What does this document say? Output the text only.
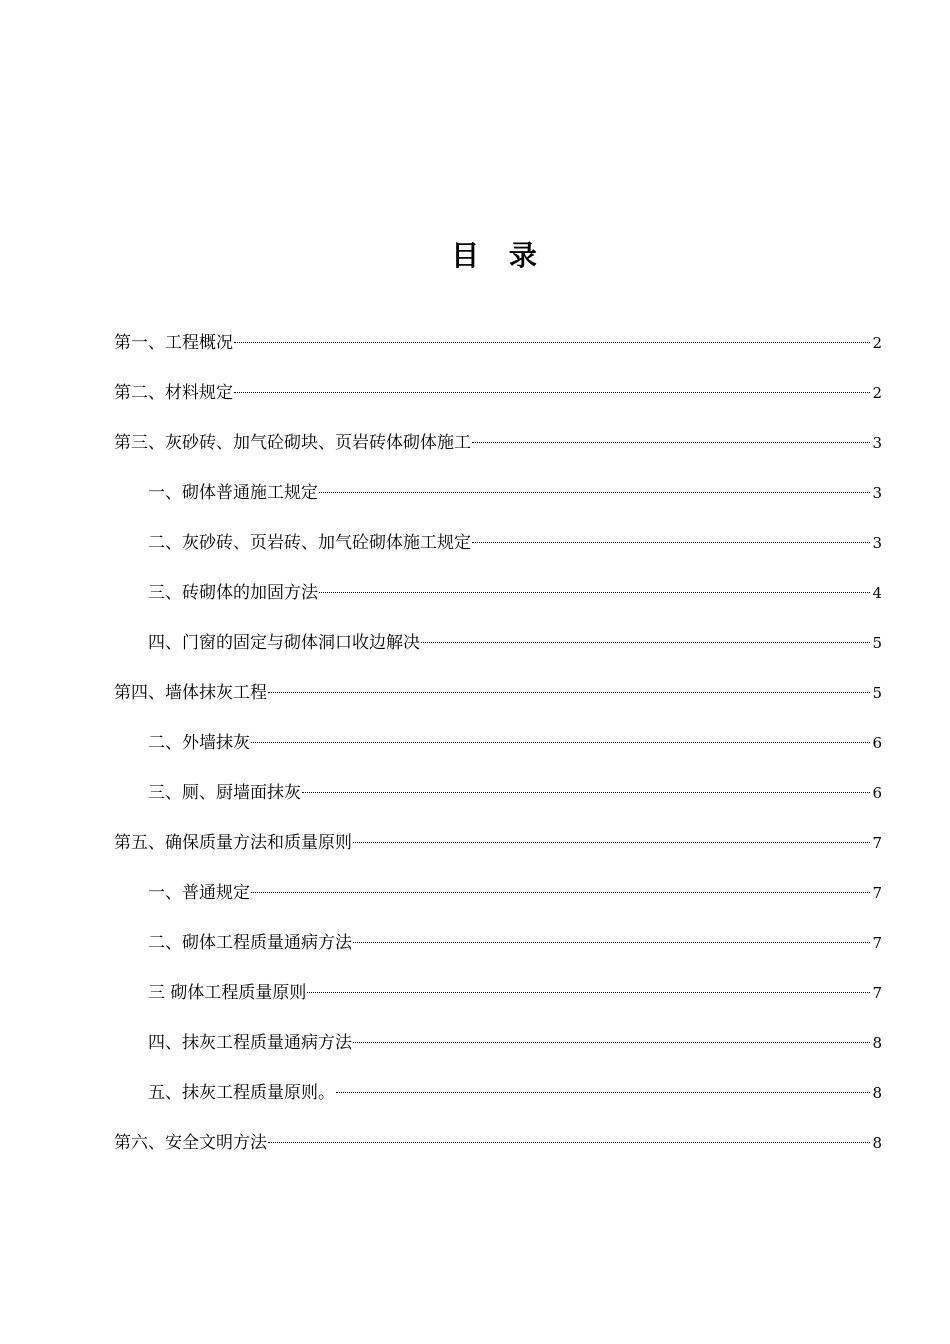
目 录
第一、工程概况	2
第二、材料规定	2
第三、灰砂砖、加气砼砌块、页岩砖体砌体施工	3
一、砌体普通施工规定	3
二、灰砂砖、页岩砖、加气砼砌体施工规定	3
三、砖砌体的加固方法	4
四、门窗的固定与砌体洞口收边解决	5
第四、墙体抹灰工程	5
二、外墙抹灰	6
三、厕、厨墙面抹灰	6
第五、确保质量方法和质量原则	7
一、普通规定	7
二、砌体工程质量通病方法	7
三 砌体工程质量原则	7
四、抹灰工程质量通病方法	8
五、抹灰工程质量原则。	8
第六、安全文明方法	8
